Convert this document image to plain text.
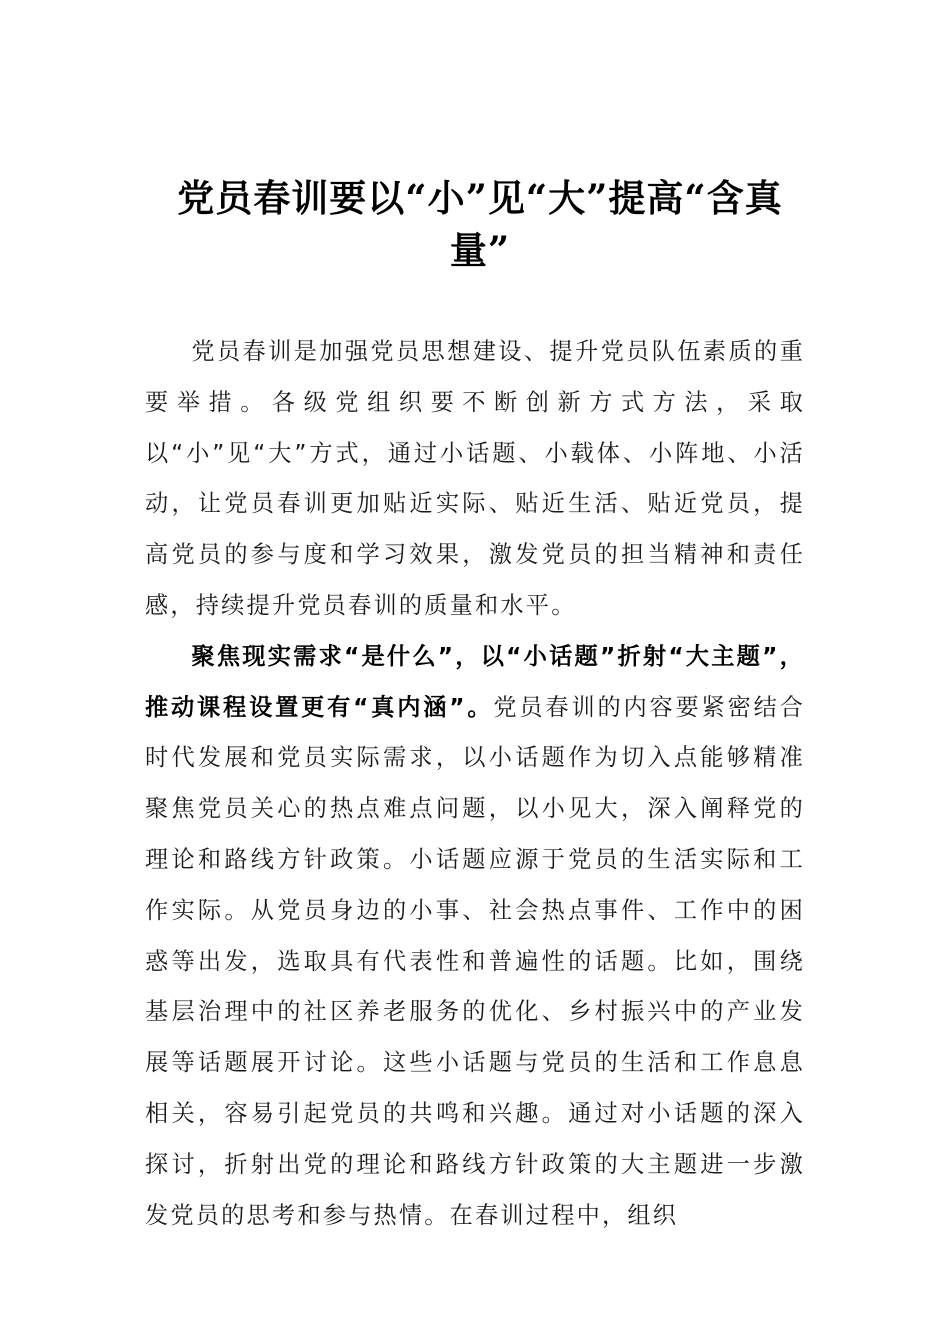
党员春训要以“小”见“大”提高“含真量”

党员春训是加强党员思想建设、提升党员队伍素质的重要举措。各级党组织要不断创新方式方法，采取以“小”见“大”方式，通过小话题、小载体、小阵地、小活动，让党员春训更加贴近实际、贴近生活、贴近党员，提高党员的参与度和学习效果，激发党员的担当精神和责任感，持续提升党员春训的质量和水平。

聚焦现实需求“是什么”，以“小话题”折射“大主题”，推动课程设置更有“真内涵”。党员春训的内容要紧密结合时代发展和党员实际需求，以小话题作为切入点能够精准聚焦党员关心的热点难点问题，以小见大，深入阐释党的理论和路线方针政策。小话题应源于党员的生活实际和工作实际。从党员身边的小事、社会热点事件、工作中的困惑等出发，选取具有代表性和普遍性的话题。比如，围绕基层治理中的社区养老服务的优化、乡村振兴中的产业发展等话题展开讨论。这些小话题与党员的生活和工作息息相关，容易引起党员的共鸣和兴趣。通过对小话题的深入探讨，折射出党的理论和路线方针政策的大主题进一步激发党员的思考和参与热情。在春训过程中，组织
